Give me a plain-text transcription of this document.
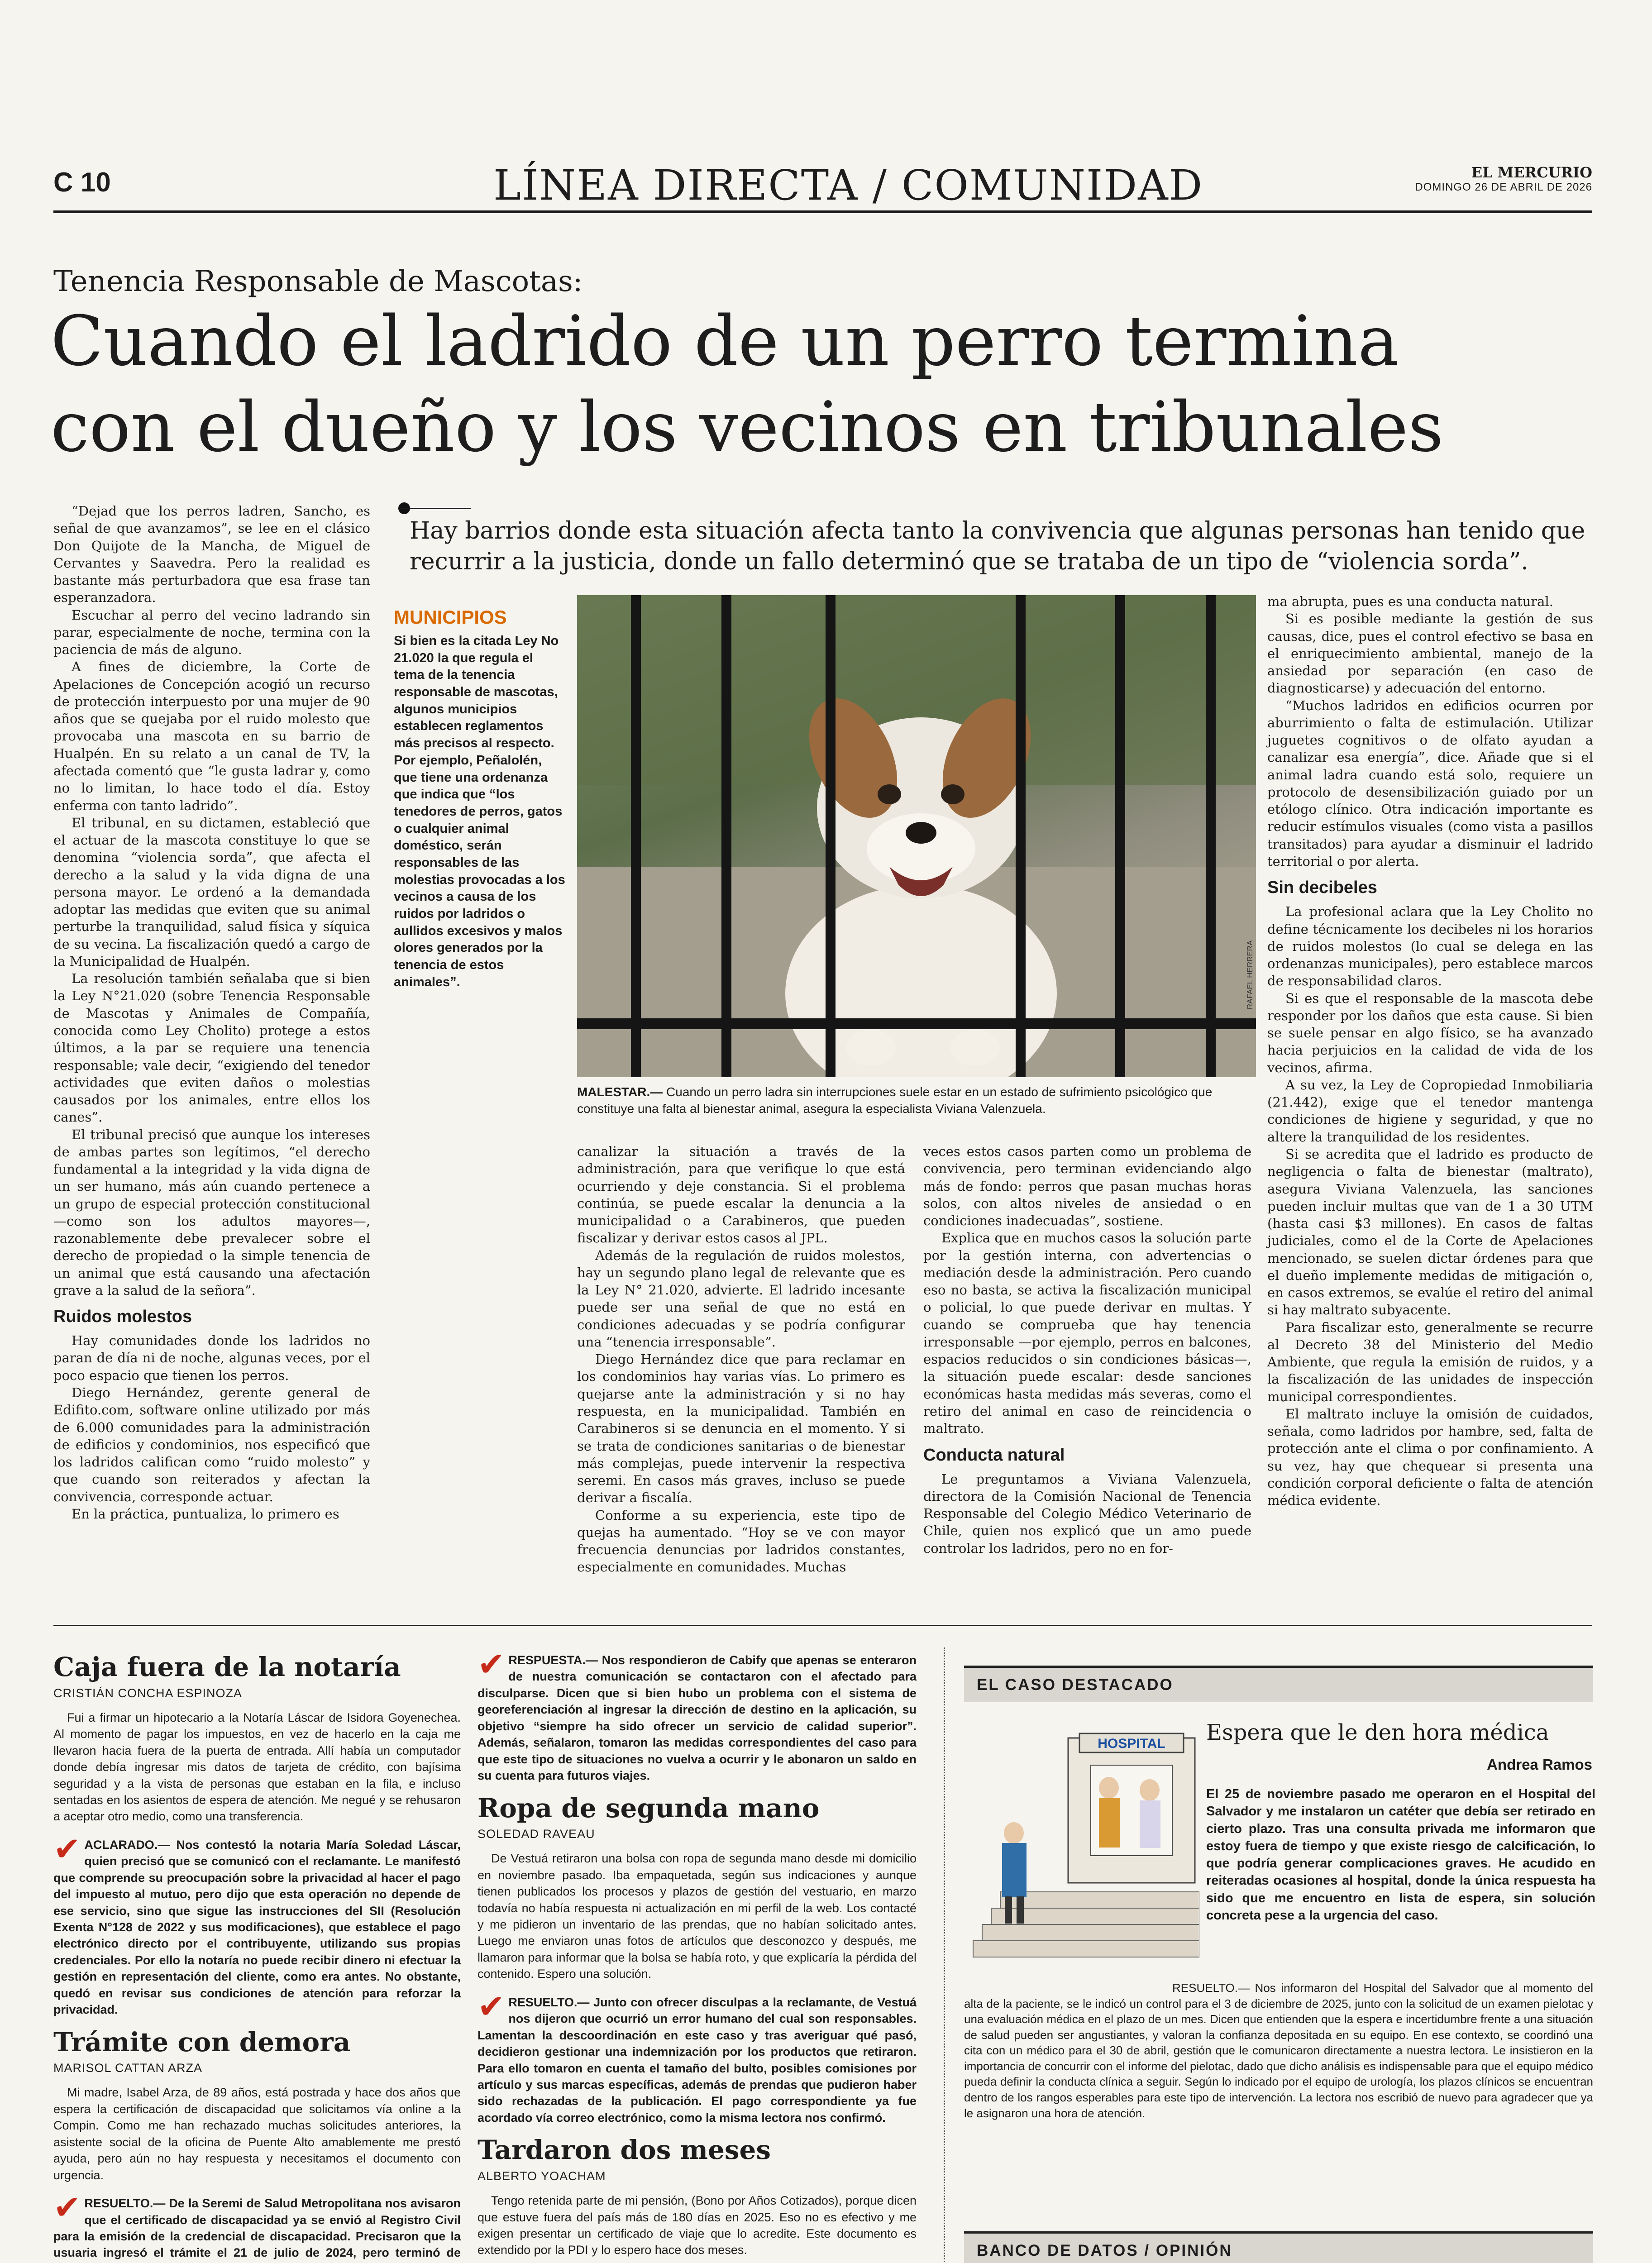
C 10	LÍNEA DIRECTA / COMUNIDAD	EL MERCURIO
DOMINGO 26 DE ABRIL DE 2026
Tenencia Responsable de Mascotas:
Cuando el ladrido de un perro termina
con el dueño y los vecinos en tribunales
Hay barrios donde esta situación afecta tanto la convivencia que algunas personas han tenido que recurrir a la justicia, donde un fallo determinó que se trataba de un tipo de “violencia sorda”.

“Dejad que los perros ladren, Sancho, es señal de que avanzamos”, se lee en el clásico Don Quijote de la Mancha, de Miguel de Cervantes y Saavedra. Pero la realidad es bastante más perturbadora que esa frase tan esperanzadora.

Escuchar al perro del vecino ladrando sin parar, especialmente de noche, termina con la paciencia de más de alguno.

A fines de diciembre, la Corte de Apelaciones de Concepción acogió un recurso de protección interpuesto por una mujer de 90 años que se quejaba por el ruido molesto que provocaba una mascota en su barrio de Hualpén. En su relato a un canal de TV, la afectada comentó que “le gusta ladrar y, como no lo limitan, lo hace todo el día. Estoy enferma con tanto ladrido”.

El tribunal, en su dictamen, estableció que el actuar de la mascota constituye lo que se denomina “violencia sorda”, que afecta el derecho a la salud y la vida digna de una persona mayor. Le ordenó a la demandada adoptar las medidas que eviten que su animal perturbe la tranquilidad, salud física y síquica de su vecina. La fiscalización quedó a cargo de la Municipalidad de Hualpén.

La resolución también señalaba que si bien la Ley N°21.020 (sobre Tenencia Responsable de Mascotas y Animales de Compañía, conocida como Ley Cholito) protege a estos últimos, a la par se requiere una tenencia responsable; vale decir, “exigiendo del tenedor actividades que eviten daños o molestias causados por los animales, entre ellos los canes”.

El tribunal precisó que aunque los intereses de ambas partes son legítimos, “el derecho fundamental a la integridad y la vida digna de un ser humano, más aún cuando pertenece a un grupo de especial protección constitucional —como son los adultos mayores—, razonablemente debe prevalecer sobre el derecho de propiedad o la simple tenencia de un animal que está causando una afectación grave a la salud de la señora”.

Ruidos molestos

Hay comunidades donde los ladridos no paran de día ni de noche, algunas veces, por el poco espacio que tienen los perros.

Diego Hernández, gerente general de Edifito.com, software online utilizado por más de 6.000 comunidades para la administración de edificios y condominios, nos especificó que los ladridos califican como “ruido molesto” y que cuando son reiterados y afectan la convivencia, corresponde actuar.

En la práctica, puntualiza, lo primero es

MUNICIPIOS
Si bien es la citada Ley No 21.020 la que regula el tema de la tenencia responsable de mascotas, algunos municipios establecen reglamentos más precisos al respecto. Por ejemplo, Peñalolén, que tiene una ordenanza que indica que “los tenedores de perros, gatos o cualquier animal doméstico, serán responsables de las molestias provocadas a los vecinos a causa de los ruidos por ladridos o aullidos excesivos y malos olores generados por la tenencia de estos animales”.	RAFAEL HERRERA
MALESTAR.— Cuando un perro ladra sin interrupciones suele estar en un estado de sufrimiento psicológico que constituye una falta al bienestar animal, asegura la especialista Viviana Valenzuela.

canalizar la situación a través de la administración, para que verifique lo que está ocurriendo y deje constancia. Si el problema continúa, se puede escalar la denuncia a la municipalidad o a Carabineros, que pueden fiscalizar y derivar estos casos al JPL.

Además de la regulación de ruidos molestos, hay un segundo plano legal de relevante que es la Ley N° 21.020, advierte. El ladrido incesante puede ser una señal de que no está en condiciones adecuadas y se podría configurar una “tenencia irresponsable”.

Diego Hernández dice que para reclamar en los condominios hay varias vías. Lo primero es quejarse ante la administración y si no hay respuesta, en la municipalidad. También en Carabineros si se denuncia en el momento. Y si se trata de condiciones sanitarias o de bienestar más complejas, puede intervenir la respectiva seremi. En casos más graves, incluso se puede derivar a fiscalía.

Conforme a su experiencia, este tipo de quejas ha aumentado. “Hoy se ve con mayor frecuencia denuncias por ladridos constantes, especialmente en comunidades. Muchas

veces estos casos parten como un problema de convivencia, pero terminan evidenciando algo más de fondo: perros que pasan muchas horas solos, con altos niveles de ansiedad o en condiciones inadecuadas”, sostiene.

Explica que en muchos casos la solución parte por la gestión interna, con advertencias o mediación desde la administración. Pero cuando eso no basta, se activa la fiscalización municipal o policial, lo que puede derivar en multas. Y cuando se comprueba que hay tenencia irresponsable —por ejemplo, perros en balcones, espacios reducidos o sin condiciones básicas—, la situación puede escalar: desde sanciones económicas hasta medidas más severas, como el retiro del animal en caso de reincidencia o maltrato.

Conducta natural

Le preguntamos a Viviana Valenzuela, directora de la Comisión Nacional de Tenencia Responsable del Colegio Médico Veterinario de Chile, quien nos explicó que un amo puede controlar los ladridos, pero no en for-

ma abrupta, pues es una conducta natural.

Si es posible mediante la gestión de sus causas, dice, pues el control efectivo se basa en el enriquecimiento ambiental, manejo de la ansiedad por separación (en caso de diagnosticarse) y adecuación del entorno.

“Muchos ladridos en edificios ocurren por aburrimiento o falta de estimulación. Utilizar juguetes cognitivos o de olfato ayudan a canalizar esa energía”, dice. Añade que si el animal ladra cuando está solo, requiere un protocolo de desensibilización guiado por un etólogo clínico. Otra indicación importante es reducir estímulos visuales (como vista a pasillos transitados) para ayudar a disminuir el ladrido territorial o por alerta.

Sin decibeles

La profesional aclara que la Ley Cholito no define técnicamente los decibeles ni los horarios de ruidos molestos (lo cual se delega en las ordenanzas municipales), pero establece marcos de responsabilidad claros.

Si es que el responsable de la mascota debe responder por los daños que esta cause. Si bien se suele pensar en algo físico, se ha avanzado hacia perjuicios en la calidad de vida de los vecinos, afirma.

A su vez, la Ley de Copropiedad Inmobiliaria (21.442), exige que el tenedor mantenga condiciones de higiene y seguridad, y que no altere la tranquilidad de los residentes.

Si se acredita que el ladrido es producto de negligencia o falta de bienestar (maltrato), asegura Viviana Valenzuela, las sanciones pueden incluir multas que van de 1 a 30 UTM (hasta casi $3 millones). En casos de faltas judiciales, como el de la Corte de Apelaciones mencionado, se suelen dictar órdenes para que el dueño implemente medidas de mitigación o, en casos extremos, se evalúe el retiro del animal si hay maltrato subyacente.

Para fiscalizar esto, generalmente se recurre al Decreto 38 del Ministerio del Medio Ambiente, que regula la emisión de ruidos, y a la fiscalización de las unidades de inspección municipal correspondientes.

El maltrato incluye la omisión de cuidados, señala, como ladridos por hambre, sed, falta de protección ante el clima o por confinamiento. A su vez, hay que chequear si presenta una condición corporal deficiente o falta de atención médica evidente.

Caja fuera de la notaría
CRISTIÁN CONCHA ESPINOZA

Fui a firmar un hipotecario a la Notaría Láscar de Isidora Goyenechea. Al momento de pagar los impuestos, en vez de hacerlo en la caja me llevaron hacia fuera de la puerta de entrada. Allí había un computador donde debía ingresar mis datos de tarjeta de crédito, con bajísima seguridad y a la vista de personas que estaban en la fila, e incluso sentadas en los asientos de espera de atención. Me negué y se rehusaron a aceptar otro medio, como una transferencia.

✔ ACLARADO.— Nos contestó la notaria María Soledad Láscar, quien precisó que se comunicó con el reclamante. Le manifestó que comprende su preocupación sobre la privacidad al hacer el pago del impuesto al mutuo, pero dijo que esta operación no depende de ese servicio, sino que sigue las instrucciones del SII (Resolución Exenta N°128 de 2022 y sus modificaciones), que establece el pago electrónico directo por el contribuyente, utilizando sus propias credenciales. Por ello la notaría no puede recibir dinero ni efectuar la gestión en representación del cliente, como era antes. No obstante, quedó en revisar sus condiciones de atención para reforzar la privacidad.

Trámite con demora
MARISOL CATTAN ARZA

Mi madre, Isabel Arza, de 89 años, está postrada y hace dos años que espera la certificación de discapacidad que solicitamos vía online a la Compin. Como me han rechazado muchas solicitudes anteriores, la asistente social de la oficina de Puente Alto amablemente me prestó ayuda, pero aún no hay respuesta y necesitamos el documento con urgencia.

✔ RESUELTO.— De la Seremi de Salud Metropolitana nos avisaron que el certificado de discapacidad ya se envió al Registro Civil para la emisión de la credencial de discapacidad. Precisaron que la usuaria ingresó el trámite el 21 de julio de 2024, pero terminó de

✔ RESPUESTA.— Nos respondieron de Cabify que apenas se enteraron de nuestra comunicación se contactaron con el afectado para disculparse. Dicen que si bien hubo un problema con el sistema de georeferenciación al ingresar la dirección de destino en la aplicación, su objetivo “siempre ha sido ofrecer un servicio de calidad superior”. Además, señalaron, tomaron las medidas correspondientes del caso para que este tipo de situaciones no vuelva a ocurrir y le abonaron un saldo en su cuenta para futuros viajes.

Ropa de segunda mano
SOLEDAD RAVEAU

De Vestuá retiraron una bolsa con ropa de segunda mano desde mi domicilio en noviembre pasado. Iba empaquetada, según sus indicaciones y aunque tienen publicados los procesos y plazos de gestión del vestuario, en marzo todavía no había respuesta ni actualización en mi perfil de la web. Los contacté y me pidieron un inventario de las prendas, que no habían solicitado antes. Luego me enviaron unas fotos de artículos que desconozco y después, me llamaron para informar que la bolsa se había roto, y que explicaría la pérdida del contenido. Espero una solución.

✔ RESUELTO.— Junto con ofrecer disculpas a la reclamante, de Vestuá nos dijeron que ocurrió un error humano del cual son responsables. Lamentan la descoordinación en este caso y tras averiguar qué pasó, decidieron gestionar una indemnización por los productos que retiraron. Para ello tomaron en cuenta el tamaño del bulto, posibles comisiones por artículo y sus marcas específicas, además de prendas que pudieron haber sido rechazadas de la publicación. El pago correspondiente ya fue acordado vía correo electrónico, como la misma lectora nos confirmó.

Tardaron dos meses
ALBERTO YOACHAM

Tengo retenida parte de mi pensión, (Bono por Años Cotizados), porque dicen que estuve fuera del país más de 180 días en 2025. Eso no es efectivo y me exigen presentar un certificado de viaje que lo acredite. Este documento es extendido por la PDI y lo espero hace dos meses.

EL CASO DESTACADO
HOSPITAL Espera que le den hora médica
Andrea Ramos
El 25 de noviembre pasado me operaron en el Hospital del Salvador y me instalaron un catéter que debía ser retirado en cierto plazo. Tras una consulta privada me informaron que estoy fuera de tiempo y que existe riesgo de calcificación, lo que podría generar complicaciones graves. He acudido en reiteradas ocasiones al hospital, donde la única respuesta ha sido que me encuentro en lista de espera, sin solución concreta pese a la urgencia del caso.
RESUELTO.— Nos informaron del Hospital del Salvador que al momento del alta de la paciente, se le indicó un control para el 3 de diciembre de 2025, junto con la solicitud de un examen pielotac y una evaluación médica en el plazo de un mes. Dicen que entienden que la espera e incertidumbre frente a una situación de salud pueden ser angustiantes, y valoran la confianza depositada en su equipo. En ese contexto, se coordinó una cita con un médico para el 30 de abril, gestión que le comunicaron directamente a nuestra lectora. Le insistieron en la importancia de concurrir con el informe del pielotac, dado que dicho análisis es indispensable para que el equipo médico pueda definir la conducta clínica a seguir. Según lo indicado por el equipo de urología, los plazos clínicos se encuentran dentro de los rangos esperables para este tipo de intervención. La lectora nos escribió de nuevo para agradecer que ya le asignaron una hora de atención.
BANCO DE DATOS / OPINIÓN
